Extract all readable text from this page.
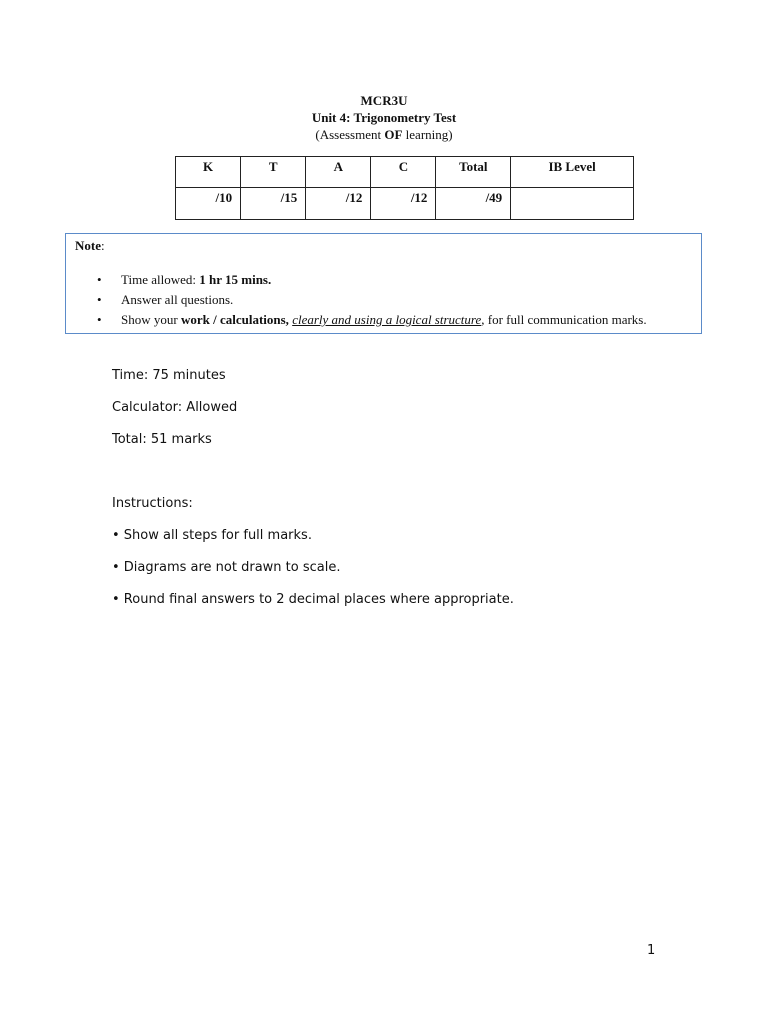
MCR3U
Unit 4: Trigonometry Test
(Assessment OF learning)
K	T	A	C	Total	IB Level
/10	/15	/12	/12	/49	
Note:
• Time allowed: 1 hr 15 mins.
• Answer all questions.
• Show your work / calculations, clearly and using a logical structure, for full communication marks.
Time: 75 minutes
Calculator: Allowed
Total: 51 marks
Instructions:
• Show all steps for full marks.
• Diagrams are not drawn to scale.
• Round final answers to 2 decimal places where appropriate.
1
